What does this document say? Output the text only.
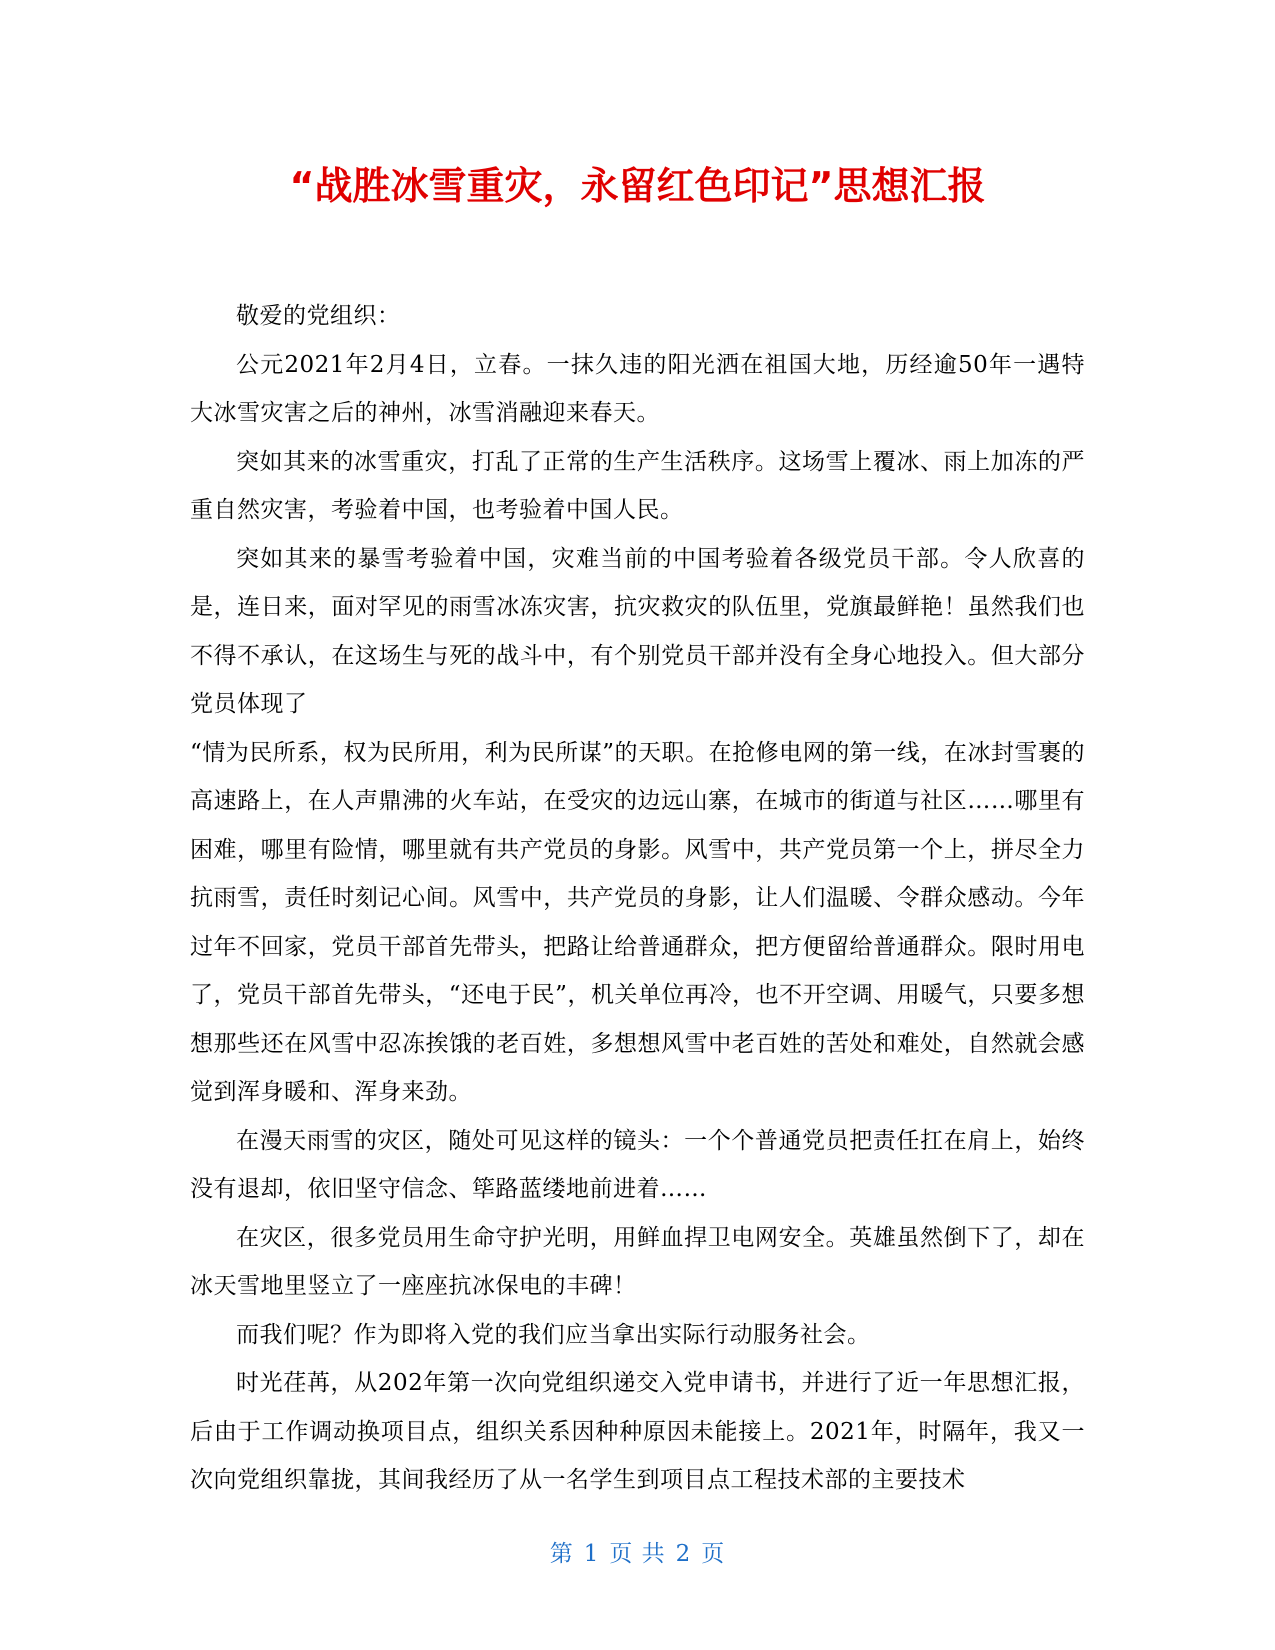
“战胜冰雪重灾，永留红色印记”思想汇报

敬爱的党组织：

公元2021年2月4日，立春。一抹久违的阳光洒在祖国大地，历经逾50年一遇特大冰雪灾害之后的神州，冰雪消融迎来春天。

突如其来的冰雪重灾，打乱了正常的生产生活秩序。这场雪上覆冰、雨上加冻的严重自然灾害，考验着中国，也考验着中国人民。

突如其来的暴雪考验着中国，灾难当前的中国考验着各级党员干部。令人欣喜的是，连日来，面对罕见的雨雪冰冻灾害，抗灾救灾的队伍里，党旗最鲜艳！虽然我们也不得不承认，在这场生与死的战斗中，有个别党员干部并没有全身心地投入。但大部分党员体现了

“情为民所系，权为民所用，利为民所谋”的天职。在抢修电网的第一线，在冰封雪裹的高速路上，在人声鼎沸的火车站，在受灾的边远山寨，在城市的街道与社区……哪里有困难，哪里有险情，哪里就有共产党员的身影。风雪中，共产党员第一个上，拼尽全力抗雨雪，责任时刻记心间。风雪中，共产党员的身影，让人们温暖、令群众感动。今年过年不回家，党员干部首先带头，把路让给普通群众，把方便留给普通群众。限时用电了，党员干部首先带头，“还电于民”，机关单位再冷，也不开空调、用暖气，只要多想想那些还在风雪中忍冻挨饿的老百姓，多想想风雪中老百姓的苦处和难处，自然就会感觉到浑身暖和、浑身来劲。

在漫天雨雪的灾区，随处可见这样的镜头：一个个普通党员把责任扛在肩上，始终没有退却，依旧坚守信念、筚路蓝缕地前进着……

在灾区，很多党员用生命守护光明，用鲜血捍卫电网安全。英雄虽然倒下了，却在冰天雪地里竖立了一座座抗冰保电的丰碑！

而我们呢？作为即将入党的我们应当拿出实际行动服务社会。

时光荏苒，从202年第一次向党组织递交入党申请书，并进行了近一年思想汇报，后由于工作调动换项目点，组织关系因种种原因未能接上。2021年，时隔年，我又一次向党组织靠拢，其间我经历了从一名学生到项目点工程技术部的主要技术

第 1 页 共 2 页
